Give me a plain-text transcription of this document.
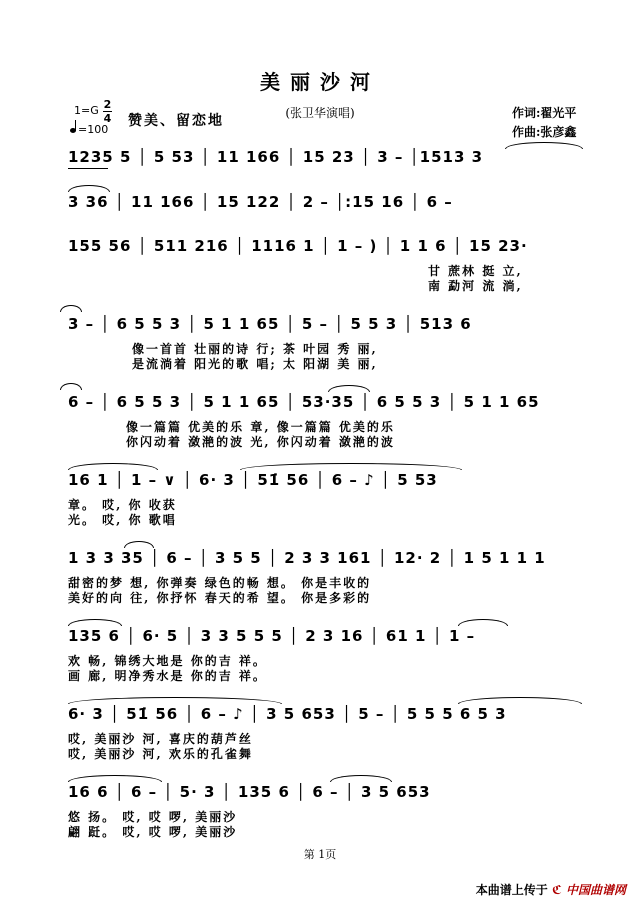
美丽沙河
(张卫华演唱)
1=G 2
4
=100
赞美、留恋地	作词:翟光平
作曲:张彦鑫
1235 5 │ 5 53 │ 11 166 │ 15 23 │ 3 – │1513 3
3 36 │ 11 166 │ 15 122 │ 2 – │:15 16 │ 6 –
155 56 │ 511 216 │ 1116 1 │ 1 – ) │ 1 1 6 │ 15 23·
甘 蔗林 挺 立,
南 勐河 流 淌,
3 – │ 6 5 5 3 │ 5 1 1 65 │ 5 – │ 5 5 3 │ 513 6
像一首首 壮丽的诗 行; 茶 叶园 秀 丽,
是流淌着 阳光的歌 唱; 太 阳湖 美 丽,
6 – │ 6 5 5 3 │ 5 1 1 65 │ 53·35 │ 6 5 5 3 │ 5 1 1 65
像一篇篇 优美的乐 章, 像一篇篇 优美的乐
你闪动着 潋滟的波 光, 你闪动着 潋滟的波
16 1 │ 1 – ∨ │ 6· 3 │ 51̇ 56 │ 6 – ♪ │ 5 53
章。 哎, 你 收获
光。 哎, 你 歌唱
1 3 3 35 │ 6 – │ 3 5 5 │ 2 3 3 161 │ 12· 2 │ 1 5 1 1 1
甜密的梦 想, 你弹奏 绿色的畅 想。 你是丰收的
美好的向 往, 你抒怀 春天的希 望。 你是多彩的
135 6 │ 6· 5 │ 3 3 5 5 5 │ 2 3 16 │ 61 1 │ 1 –
欢 畅, 锦绣大地是 你的吉 祥。
画 廊, 明净秀水是 你的吉 祥。
6· 3 │ 51̇ 56 │ 6 – ♪ │ 3 5 653 │ 5 – │ 5 5 5 6 5 3
哎, 美丽沙 河, 喜庆的葫芦丝
哎, 美丽沙 河, 欢乐的孔雀舞
16 6 │ 6 – │ 5· 3 │ 135 6 │ 6 – │ 3 5 653
悠 扬。 哎, 哎 啰, 美丽沙
翩 跹。 哎, 哎 啰, 美丽沙
第 1页
本曲谱上传于 ℭ 中国曲谱网
